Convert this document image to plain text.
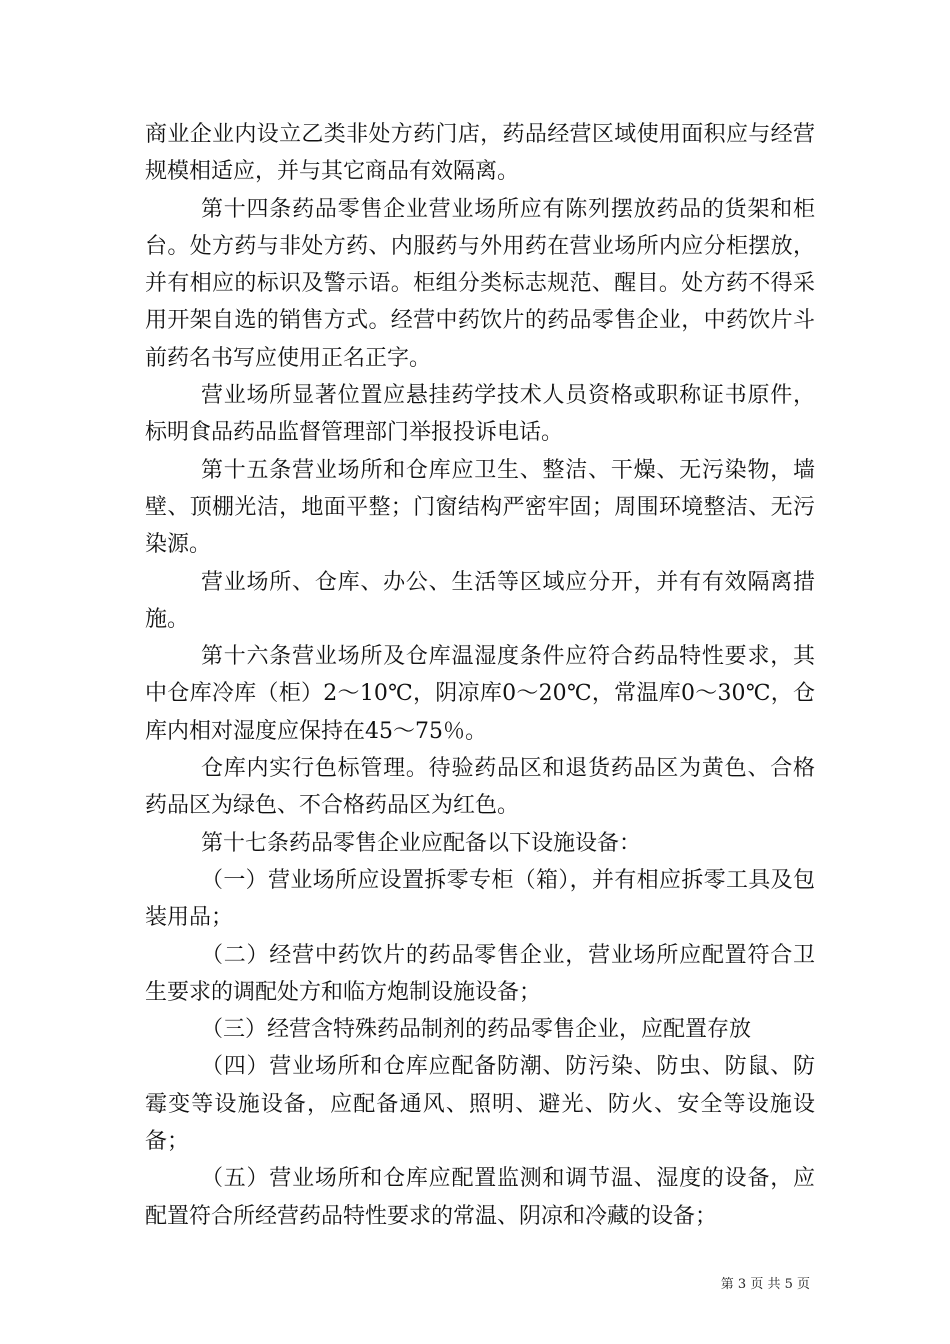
商业企业内设立乙类非处方药门店，药品经营区域使用面积应与经营规模相适应，并与其它商品有效隔离。

第十四条药品零售企业营业场所应有陈列摆放药品的货架和柜台。处方药与非处方药、内服药与外用药在营业场所内应分柜摆放，并有相应的标识及警示语。柜组分类标志规范、醒目。处方药不得采用开架自选的销售方式。经营中药饮片的药品零售企业，中药饮片斗前药名书写应使用正名正字。

营业场所显著位置应悬挂药学技术人员资格或职称证书原件，标明食品药品监督管理部门举报投诉电话。

第十五条营业场所和仓库应卫生、整洁、干燥、无污染物，墙壁、顶棚光洁，地面平整；门窗结构严密牢固；周围环境整洁、无污染源。

营业场所、仓库、办公、生活等区域应分开，并有有效隔离措施。

第十六条营业场所及仓库温湿度条件应符合药品特性要求，其中仓库冷库（柜）2～10℃，阴凉库0～20℃，常温库0～30℃，仓库内相对湿度应保持在45～75％。

仓库内实行色标管理。待验药品区和退货药品区为黄色、合格药品区为绿色、不合格药品区为红色。

第十七条药品零售企业应配备以下设施设备：

（一）营业场所应设置拆零专柜（箱），并有相应拆零工具及包装用品；

（二）经营中药饮片的药品零售企业，营业场所应配置符合卫生要求的调配处方和临方炮制设施设备；

（三）经营含特殊药品制剂的药品零售企业，应配置存放

（四）营业场所和仓库应配备防潮、防污染、防虫、防鼠、防霉变等设施设备，应配备通风、照明、避光、防火、安全等设施设备；

（五）营业场所和仓库应配置监测和调节温、湿度的设备，应配置符合所经营药品特性要求的常温、阴凉和冷藏的设备；

第 3 页 共 5 页
